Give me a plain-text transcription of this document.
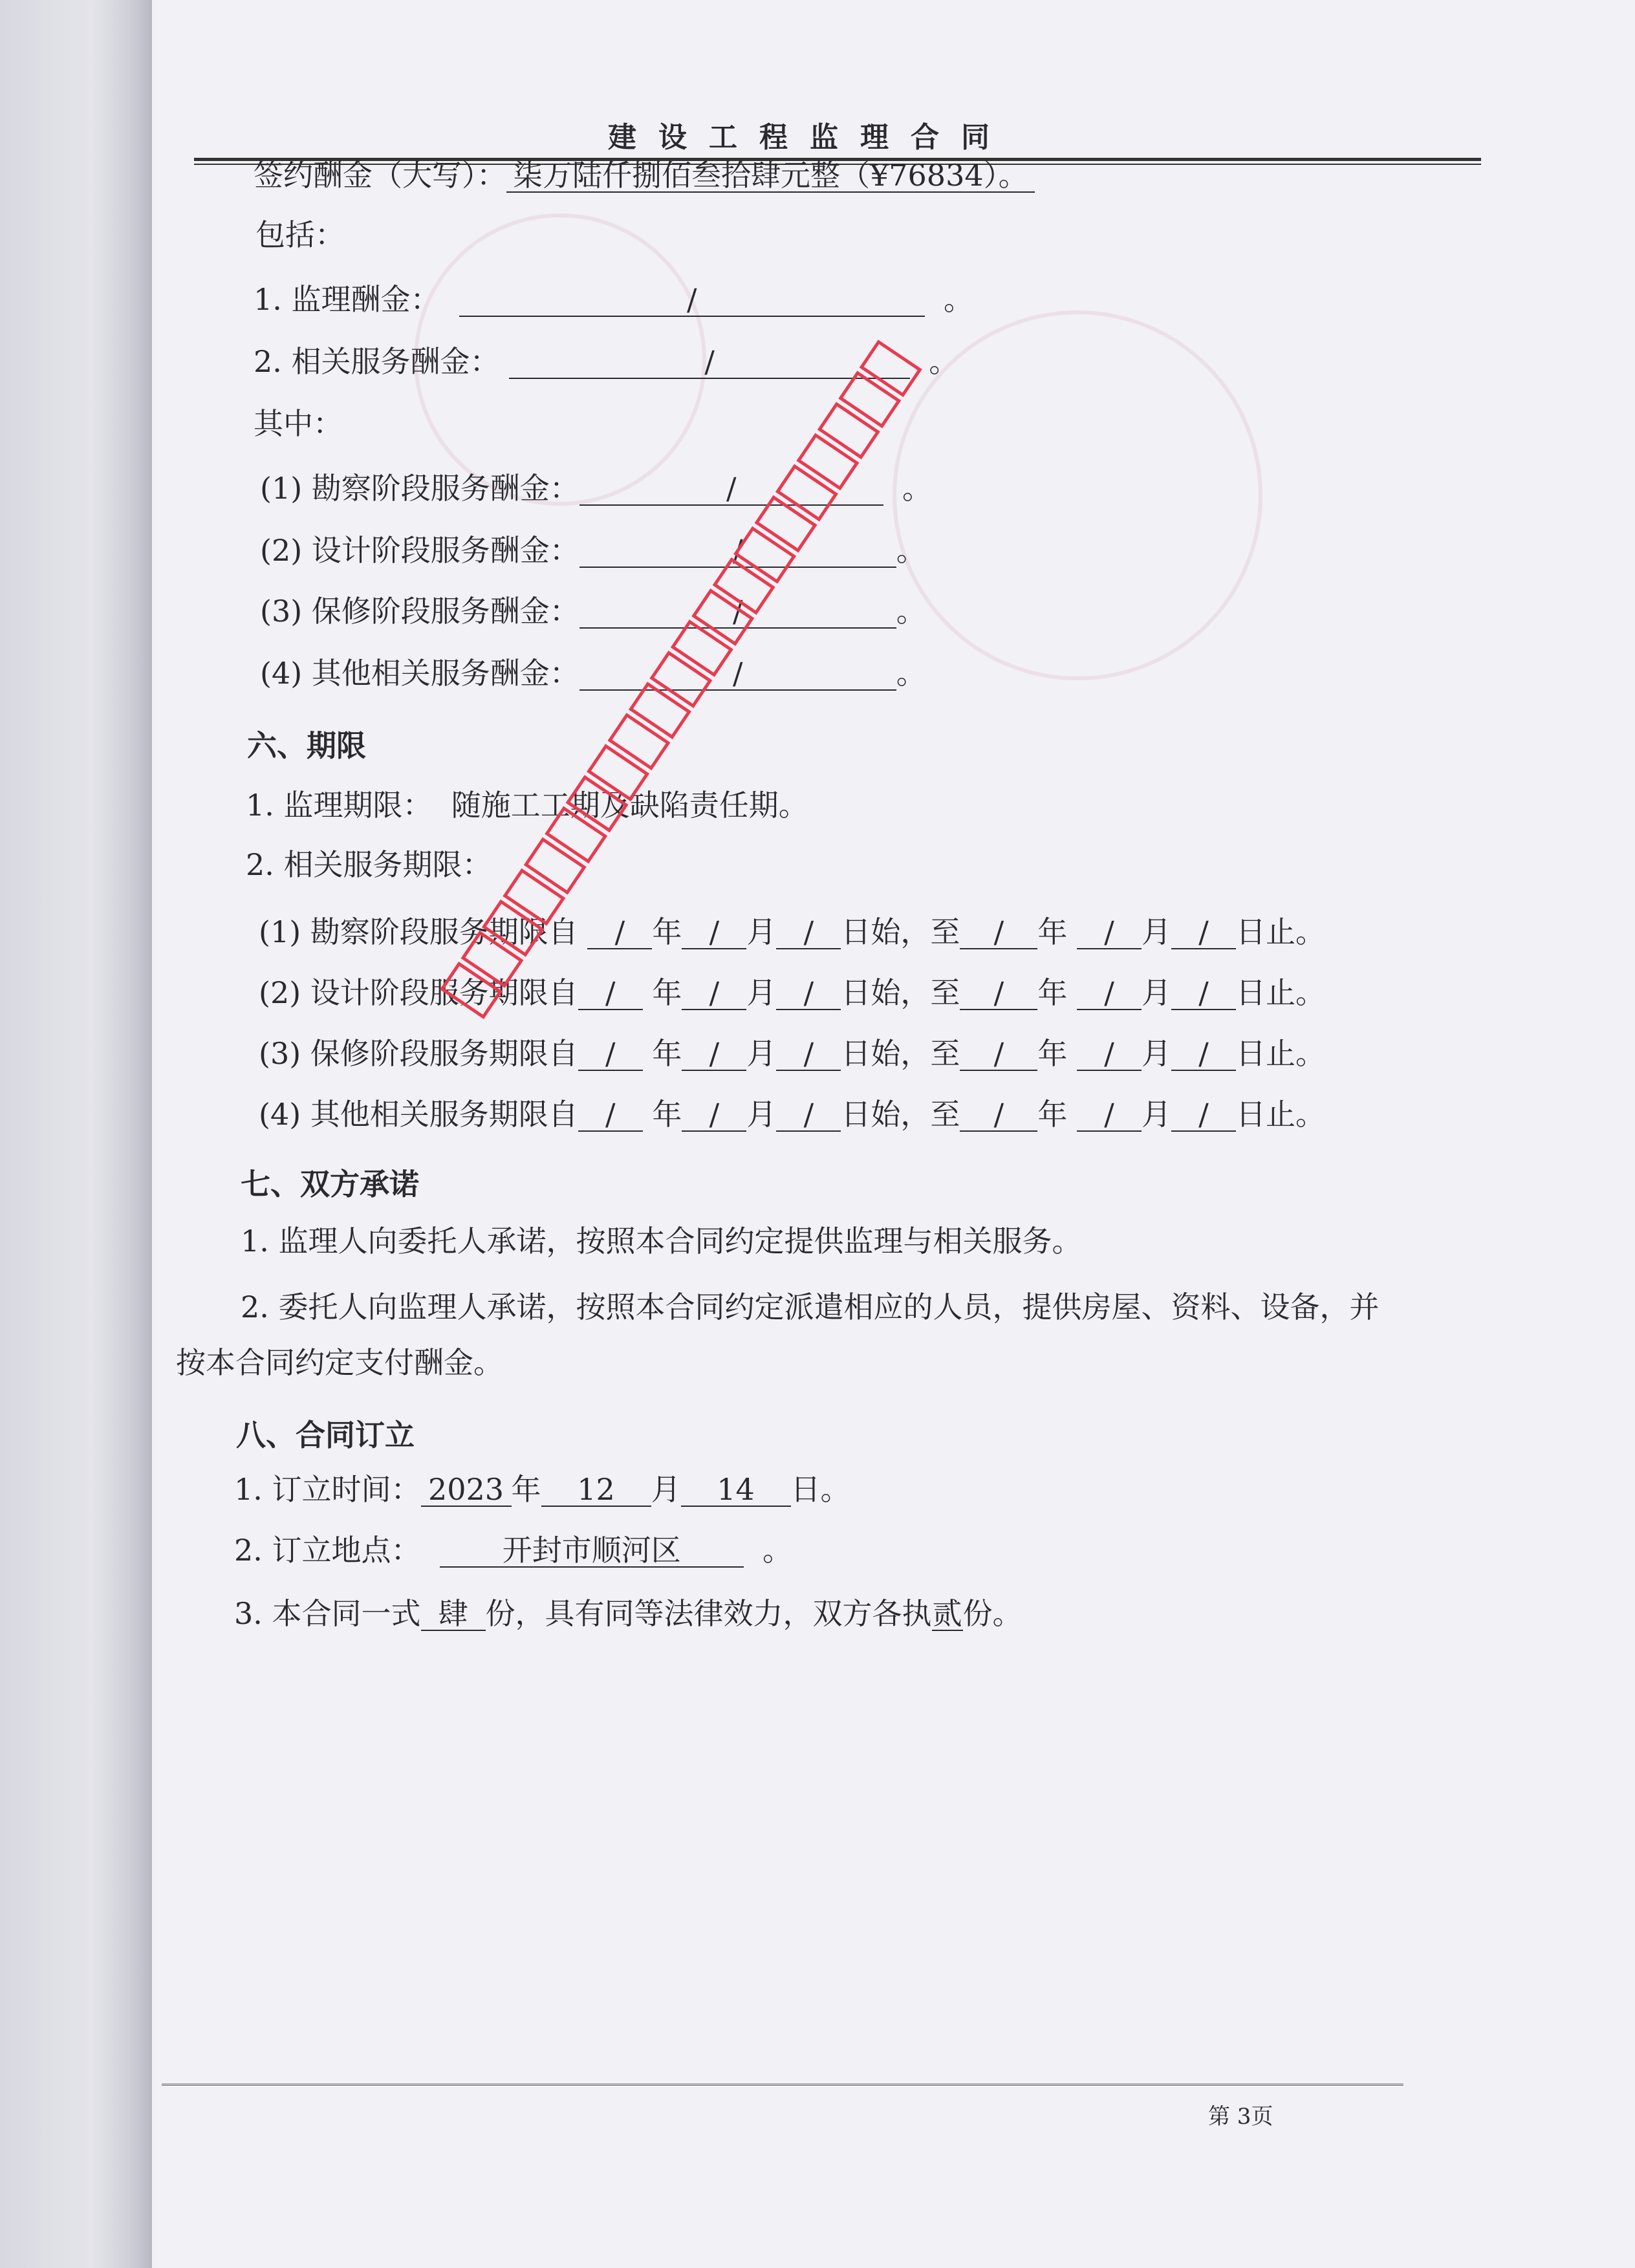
建设工程监理合同
签约酬金（大写）： 柒万陆仟捌佰叁拾肆元整（¥76834）。
包括：
1. 监理酬金：	/	。
2. 相关服务酬金：	/	。
其中：
(1) 勘察阶段服务酬金：	/	。
(2) 设计阶段服务酬金：	/	。
(3) 保修阶段服务酬金：	/	。
(4) 其他相关服务酬金：	/	。
六、期限
1. 监理期限： 随施工工期及缺陷责任期。
2. 相关服务期限：
(1) 勘察阶段服务期限自 / 年 / 月 / 日始，至 / 年 / 月 / 日止。
(2) 设计阶段服务期限自 / 年 / 月 / 日始，至 / 年 / 月 / 日止。
(3) 保修阶段服务期限自 / 年 / 月 / 日始，至 / 年 / 月 / 日止。
(4) 其他相关服务期限自 / 年 / 月 / 日始，至 / 年 / 月 / 日止。
七、双方承诺
1. 监理人向委托人承诺，按照本合同约定提供监理与相关服务。
2. 委托人向监理人承诺，按照本合同约定派遣相应的人员，提供房屋、资料、设备，并
按本合同约定支付酬金。
八、合同订立
1. 订立时间： 2023 年 12 月 14 日。
2. 订立地点：	开封市顺河区	。
3. 本合同一式 肆 份，具有同等法律效力，双方各执贰份。
第 3页
